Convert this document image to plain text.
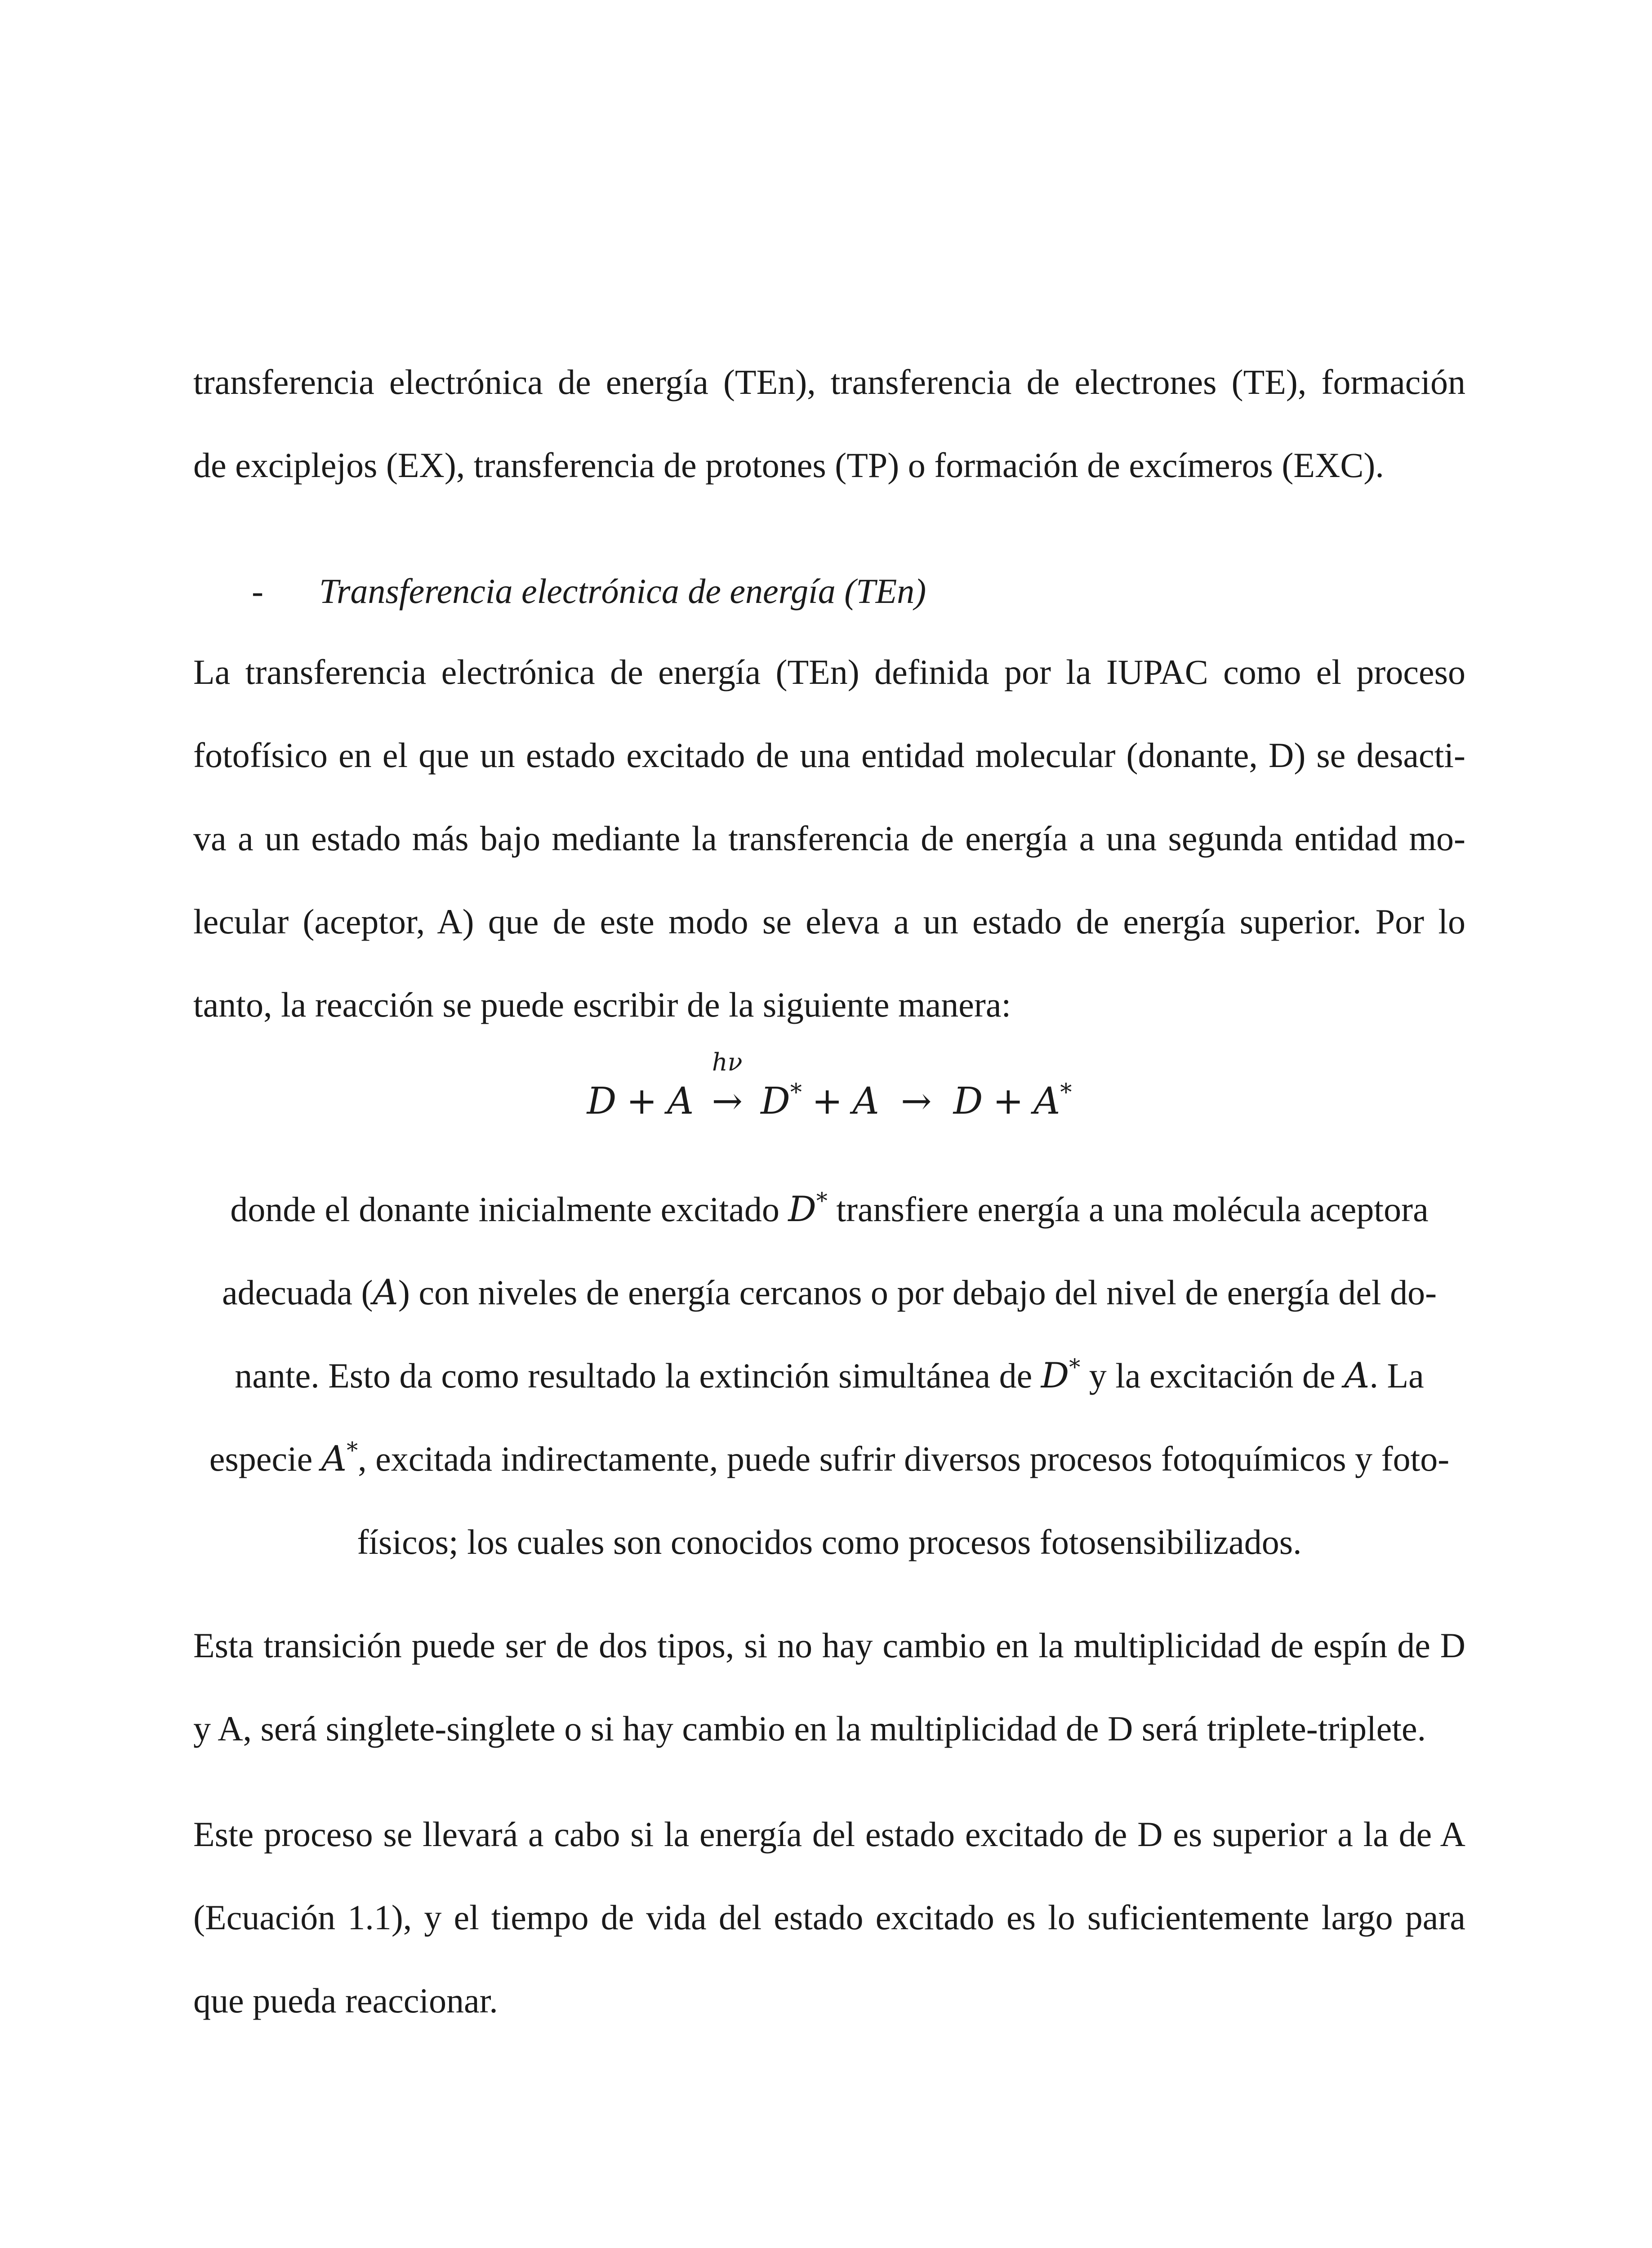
transferencia electrónica de energía (TEn), transferencia de electrones (TE), formación
de exciplejos (EX), transferencia de protones (TP) o formación de excímeros (EXC).
- Transferencia electrónica de energía (TEn)
La transferencia electrónica de energía (TEn) definida por la IUPAC como el proceso
fotofísico en el que un estado excitado de una entidad molecular (donante, D) se desacti-
va a un estado más bajo mediante la transferencia de energía a una segunda entidad mo-
lecular (aceptor, A) que de este modo se eleva a un estado de energía superior. Por lo
tanto, la reacción se puede escribir de la siguiente manera:
D + A
hν
→ D* + A → D + A*
donde el donante inicialmente excitado D* transfiere energía a una molécula aceptora
adecuada (A) con niveles de energía cercanos o por debajo del nivel de energía del do-
nante. Esto da como resultado la extinción simultánea de D* y la excitación de A. La
especie A*, excitada indirectamente, puede sufrir diversos procesos fotoquímicos y foto-
físicos; los cuales son conocidos como procesos fotosensibilizados.
Esta transición puede ser de dos tipos, si no hay cambio en la multiplicidad de espín de D
y A, será singlete-singlete o si hay cambio en la multiplicidad de D será triplete-triplete.
Este proceso se llevará a cabo si la energía del estado excitado de D es superior a la de A
(Ecuación 1.1), y el tiempo de vida del estado excitado es lo suficientemente largo para
que pueda reaccionar.
